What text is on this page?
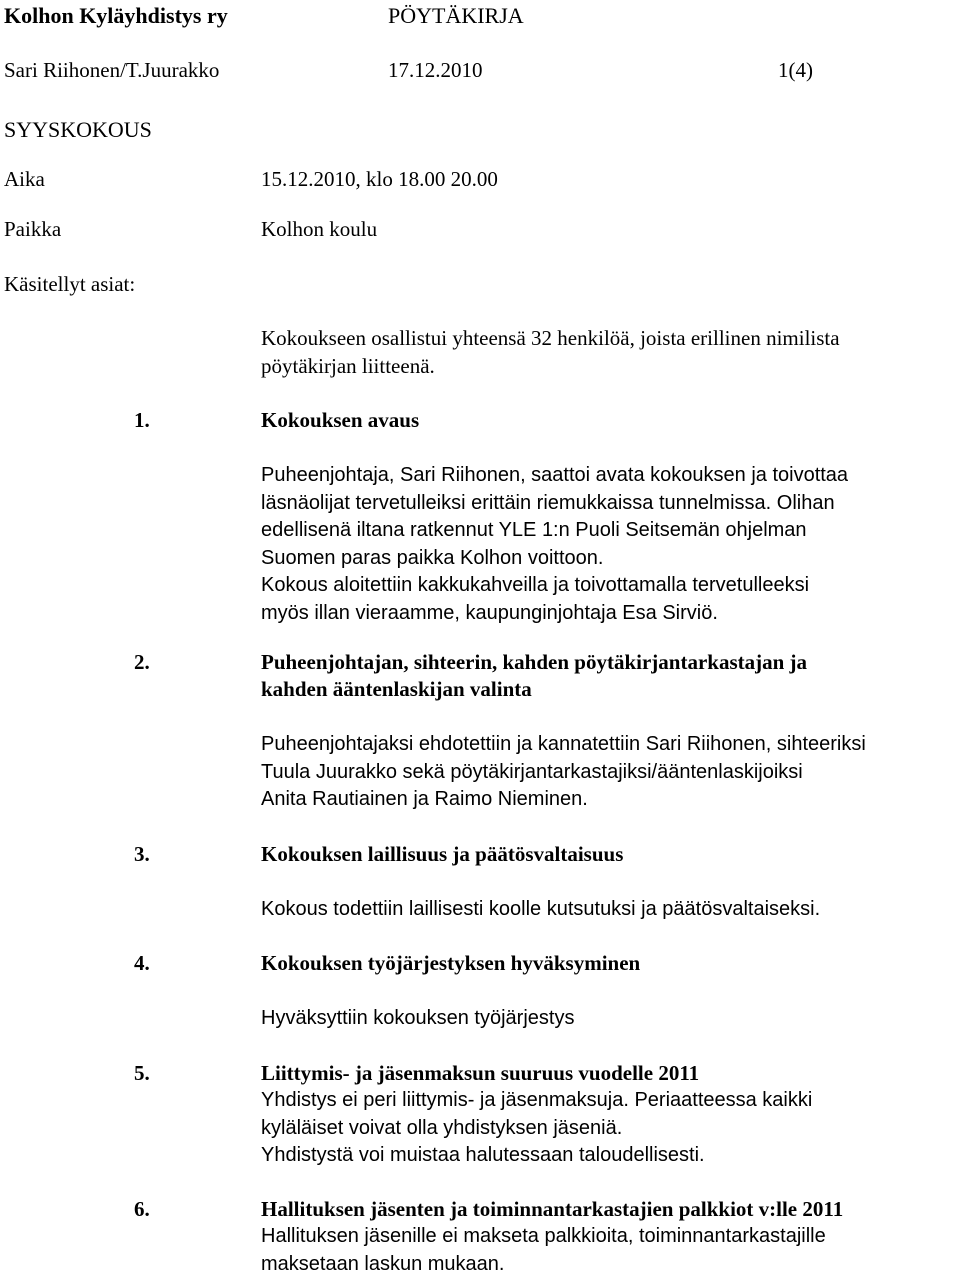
Kolhon Kyläyhdistys ry	PÖYTÄKIRJA
Sari Riihonen/T.Juurakko	17.12.2010	1(4)
SYYSKOKOUS
Aika	15.12.2010, klo 18.00 20.00
Paikka	Kolhon koulu
Käsitellyt asiat:
Kokoukseen osallistui yhteensä 32 henkilöä, joista erillinen nimilista
pöytäkirjan liitteenä.
1.	Kokouksen avaus
Puheenjohtaja, Sari Riihonen, saattoi avata kokouksen ja toivottaa
läsnäolijat tervetulleiksi erittäin riemukkaissa tunnelmissa. Olihan
edellisenä iltana ratkennut YLE 1:n Puoli Seitsemän ohjelman
Suomen paras paikka Kolhon voittoon.
Kokous aloitettiin kakkukahveilla ja toivottamalla tervetulleeksi
myös illan vieraamme, kaupunginjohtaja Esa Sirviö.
2.	Puheenjohtajan, sihteerin, kahden pöytäkirjantarkastajan ja
kahden ääntenlaskijan valinta
Puheenjohtajaksi ehdotettiin ja kannatettiin Sari Riihonen, sihteeriksi
Tuula Juurakko sekä pöytäkirjantarkastajiksi/ääntenlaskijoiksi
Anita Rautiainen ja Raimo Nieminen.
3.	Kokouksen laillisuus ja päätösvaltaisuus
Kokous todettiin laillisesti koolle kutsutuksi ja päätösvaltaiseksi.
4.	Kokouksen työjärjestyksen hyväksyminen
Hyväksyttiin kokouksen työjärjestys
5.	Liittymis- ja jäsenmaksun suuruus vuodelle 2011
Yhdistys ei peri liittymis- ja jäsenmaksuja. Periaatteessa kaikki
kyläläiset voivat olla yhdistyksen jäseniä.
Yhdistystä voi muistaa halutessaan taloudellisesti.
6.	Hallituksen jäsenten ja toiminnantarkastajien palkkiot v:lle 2011
Hallituksen jäsenille ei makseta palkkioita, toiminnantarkastajille
maksetaan laskun mukaan.
